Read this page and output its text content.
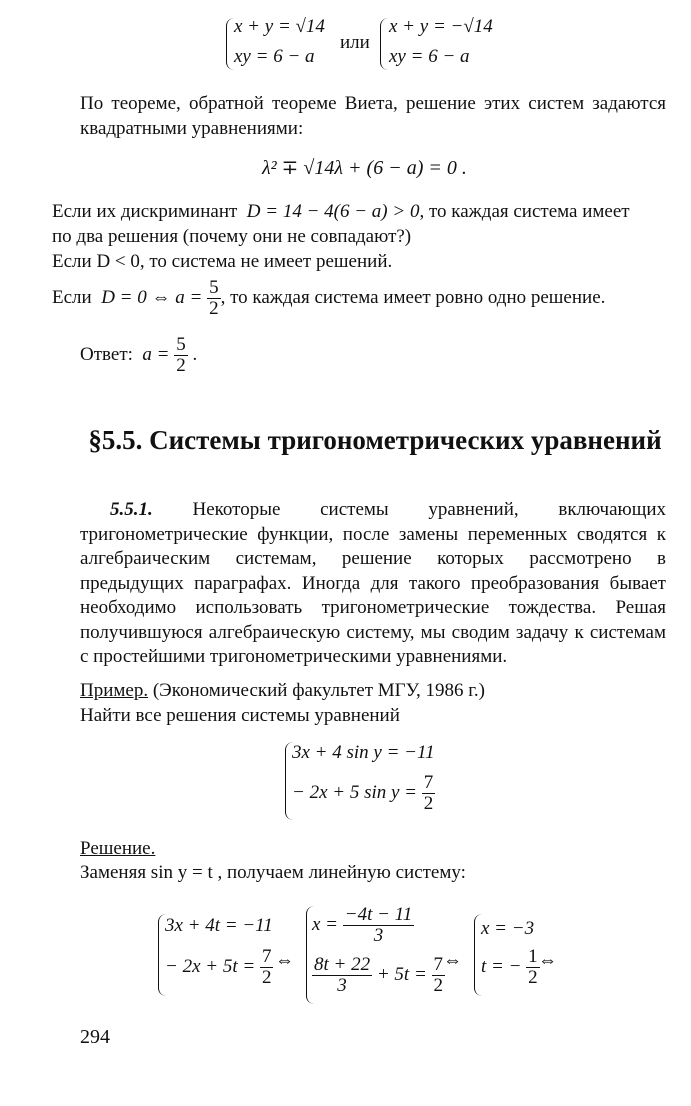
x + y = √14
xy = 6 − a
или
x + y = −√14
xy = 6 − a

По теореме, обратной теореме Виета, решение этих систем задаются квадратными уравнениями:

λ² ∓ √14λ + (6 − a) = 0 .
Если их дискриминант D = 14 − 4(6 − a) > 0, то каждая система имеет
по два решения (почему они не совпадают?)
Если D < 0, то система не имеет решений.
Если D = 0 ⇔ $a = \frac{5}{2}$ , то каждая система имеет ровно одно решение.
Ответ: $a = \frac{5}{2}$ .
§5.5. Системы тригонометрических уравнений

5.5.1. Некоторые системы уравнений, включающих тригонометрические функции, после замены переменных сводятся к алгебраическим системам, решение которых рассмотрено в предыдущих параграфах. Иногда для такого преобразования бывает необходимо использовать тригонометрические тождества. Решая получившуюся алгебраическую систему, мы сводим задачу к системам с простейшими тригонометрическими уравнениями.

Пример. (Экономический факультет МГУ, 1986 г.)
Найти все решения системы уравнений
3x + 4 sin y = −11
− 2x + 5 $\sin y = \frac{7}{2}$
Решение.
Заменяя sin y = t , получаем линейную систему:
3x + 4t = −11
− $2x + 5t = \frac{7}{2}$ ⇔
$x = \frac{-4t - 11}{3}$
$\frac{8t + 22}{3} + 5t = \frac{7}{2}$
⇔
x = −3
t = − $\frac{1}{2}$
⇔
294
